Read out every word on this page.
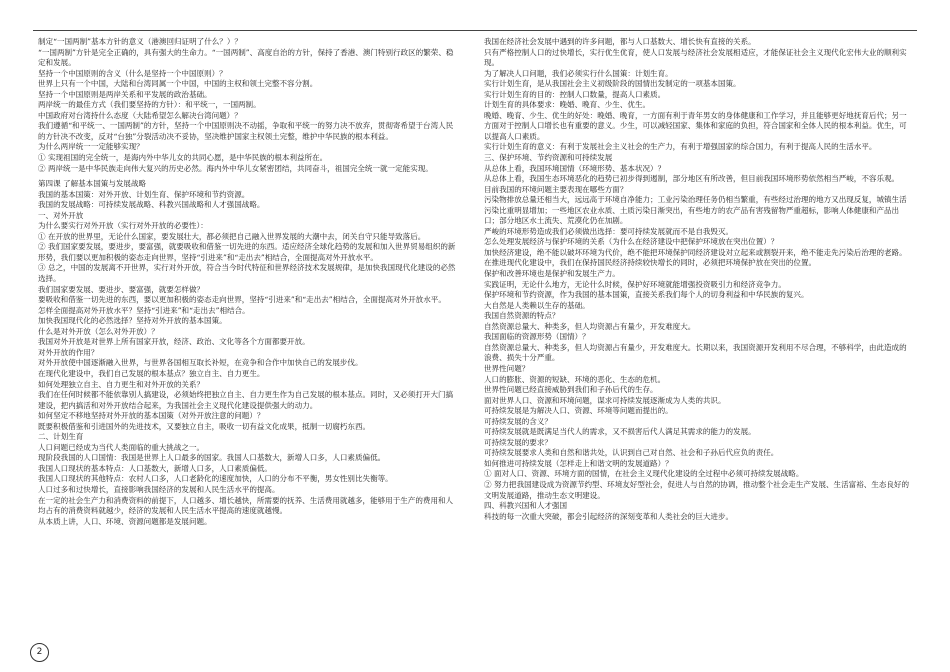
制定“一国两制”基本方针的意义（港澳回归证明了什么？）？
“一国两制”方针是完全正确的，具有强大的生命力。“一国两制”、高度自治的方针，保持了香港、澳门特别行政区的繁荣、稳定和发展。
坚持一个中国原则的含义（什么是坚持一个中国原则）？
世界上只有一个中国，大陆和台湾同属一个中国，中国的主权和领土完整不容分割。
坚持一个中国原则是两岸关系和平发展的政治基础。
两岸统一的最佳方式（我们要坚持的方针）：和平统一，一国两制。
中国政府对台湾持什么态度（大陆希望怎么解决台湾问题）？
我们遵循“和平统一、一国两制”的方针，坚持一个中国原则决不动摇，争取和平统一的努力决不放弃，贯彻寄希望于台湾人民的方针决不改变，反对“台独”分裂活动决不妥协，坚决维护国家主权领土完整，维护中华民族的根本利益。
为什么两岸统一一定能够实现？
① 实现祖国的完全统一，是海内外中华儿女的共同心愿，是中华民族的根本利益所在。
② 两岸统一是中华民族走向伟大复兴的历史必然。海内外中华儿女紧密团结，共同奋斗，祖国完全统一就一定能实现。
第四课 了解基本国策与发展战略
我国的基本国策：对外开放、计划生育、保护环境和节约资源。
我国的发展战略：可持续发展战略、科教兴国战略和人才强国战略。
一、对外开放
为什么要实行对外开放（实行对外开放的必要性）：
① 在开放的世界里，无论什么国家，要发展壮大，都必须把自己融入世界发展的大潮中去，闭关自守只能导致落后。
② 我们国家要发展，要进步，要富强，就要吸收和借鉴一切先进的东西。适应经济全球化趋势的发展和加入世界贸易组织的新形势，我们要以更加积极的姿态走向世界，坚持“引进来”和“走出去”相结合，全面提高对外开放水平。
③ 总之，中国的发展离不开世界，实行对外开放，符合当今时代特征和世界经济技术发展规律，是加快我国现代化建设的必然选择。
我们国家要发展、要进步、要富强，就要怎样做？
要吸收和借鉴一切先进的东西，要以更加积极的姿态走向世界，坚持“引进来”和“走出去”相结合，全面提高对外开放水平。
怎样全面提高对外开放水平？坚持“引进来”和“走出去”相结合。
加快我国现代化的必然选择？坚持对外开放的基本国策。
什么是对外开放（怎么对外开放）？
我国对外开放是对世界上所有国家开放，经济、政治、文化等各个方面都要开放。
对外开放的作用？
对外开放使中国逐渐融入世界，与世界各国相互取长补短，在竞争和合作中加快自己的发展步伐。
在现代化建设中，我们自己发展的根本基点？独立自主、自力更生。
如何处理独立自主、自力更生和对外开放的关系？
我们在任何时候都不能依靠别人搞建设，必须始终把独立自主、自力更生作为自己发展的根本基点。同时，又必须打开大门搞建设，把内搞活和对外开放结合起来，为我国社会主义现代化建设提供强大的动力。
如何坚定不移地坚持对外开放的基本国策（对外开放注意的问题）？
既要积极借鉴和引进国外的先进技术，又要独立自主，吸收一切有益文化成果，抵制一切腐朽东西。
二、计划生育
人口问题已经成为当代人类面临的重大挑战之一。
现阶段我国的人口国情：我国是世界上人口最多的国家。我国人口基数大，新增人口多，人口素质偏低。
我国人口现状的基本特点：人口基数大，新增人口多，人口素质偏低。
我国人口现状的其他特点：农村人口多，人口老龄化的速度加快，人口的分布不平衡，男女性别比失衡等。
人口过多和过快增长，直接影响我国经济的发展和人民生活水平的提高。
在一定的社会生产力和消费资料的前提下，人口越多、增长越快，所需要的抚养、生活费用就越多，能够用于生产的费用和人均占有的消费资料就越少，经济的发展和人民生活水平提高的速度就越慢。
从本质上讲，人口、环境、资源问题都是发展问题。
我国在经济社会发展中遇到的许多问题，都与人口基数大、增长快有直接的关系。
只有严格控制人口的过快增长，实行优生优育，使人口发展与经济社会发展相适应，才能保证社会主义现代化宏伟大业的顺利实现。
为了解决人口问题，我们必须实行什么国策：计划生育。
实行计划生育，是从我国社会主义初级阶段的国情出发制定的一项基本国策。
实行计划生育的目的：控制人口数量，提高人口素质。
计划生育的具体要求：晚婚、晚育、少生、优生。
晚婚、晚育、少生、优生的好处：晚婚、晚育，一方面有利于青年男女的身体健康和工作学习，并且能够更好地抚育后代；另一方面对于控制人口增长也有重要的意义。少生，可以减轻国家、集体和家庭的负担，符合国家和全体人民的根本利益。优生，可以提高人口素质。
实行计划生育的意义：有利于发展社会主义社会的生产力，有利于增强国家的综合国力，有利于提高人民的生活水平。
三、保护环境、节约资源和可持续发展
从总体上看，我国环境国情（环境形势、基本状况）？
从总体上看，我国生态环境恶化的趋势已初步得到遏制，部分地区有所改善，但目前我国环境形势依然相当严峻，不容乐观。
目前我国的环境问题主要表现在哪些方面？
污染物排放总量还相当大，远远高于环境自净能力；工业污染治理任务仍相当繁重，有些经过治理的地方又出现反复，城镇生活污染比重明显增加；一些地区农业水质、土质污染日渐突出，有些地方的农产品有害残留物严重超标，影响人体健康和产品出口；部分地区水土流失、荒漠化仍在加剧。
严峻的环境形势造成我们必须做出选择：要可持续发展就而不是自我毁灭。
怎么处理发展经济与保护环境的关系（为什么在经济建设中把保护环境放在突出位置）？
加快经济建设，绝不能以破坏环境为代价，绝不能把环境保护同经济建设对立起来或割裂开来，绝不能走先污染后治理的老路。
在推进现代化建设中，我们在保持国民经济持续较快增长的同时，必须把环境保护放在突出的位置。
保护和改善环境也是保护和发展生产力。
实践证明，无论什么地方，无论什么时候，保护好环境就能增强投资吸引力和经济竞争力。
保护环境和节约资源，作为我国的基本国策，直接关系我们每个人的切身利益和中华民族的复兴。
大自然是人类赖以生存的基础。
我国自然资源的特点？
自然资源总量大、种类多，但人均资源占有量少，开发难度大。
我国面临的资源形势（国情）？
自然资源总量大、种类多，但人均资源占有量少，开发难度大。长期以来，我国资源开发利用不尽合理，不够科学，由此造成的浪费、损失十分严重。
世界性问题？
人口的膨胀、资源的短缺、环境的恶化、生态的危机。
世界性问题已经直接威胁到我们和子孙后代的生存。
面对世界人口、资源和环境问题，谋求可持续发展逐渐成为人类的共识。
可持续发展是为解决人口、资源、环境等问题而提出的。
可持续发展的含义？
可持续发展就是既满足当代人的需求，又不损害后代人满足其需求的能力的发展。
可持续发展的要求？
可持续发展要求人类和自然和谐共处，认识到自己对自然、社会和子孙后代应负的责任。
如何推进可持续发展（怎样走上和谐文明的发展道路）？
① 面对人口、资源、环境方面的国情，在社会主义现代化建设的全过程中必须可持续发展战略。
② 努力把我国建设成为资源节约型、环境友好型社会，促进人与自然的协调，推动整个社会走生产发展、生活富裕、生态良好的文明发展道路，推动生态文明建设。
四、科教兴国和人才强国
科技的每一次重大突破，都会引起经济的深刻变革和人类社会的巨大进步。
2
